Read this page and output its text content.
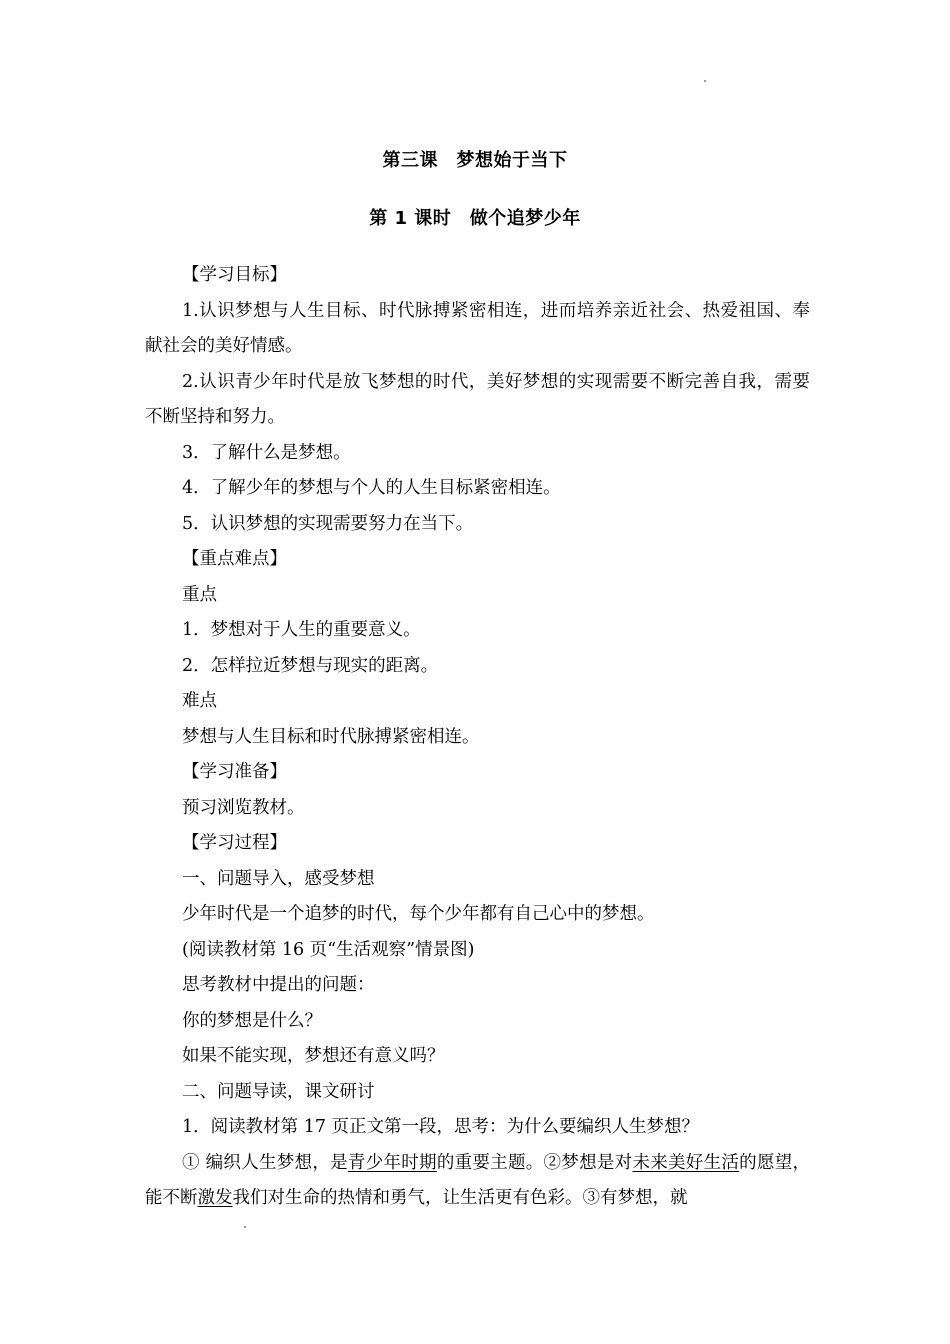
第三课　梦想始于当下
第 1 课时　做个追梦少年

【学习目标】

1.认识梦想与人生目标、时代脉搏紧密相连，进而培养亲近社会、热爱祖国、奉献社会的美好情感。

2.认识青少年时代是放飞梦想的时代，美好梦想的实现需要不断完善自我，需要不断坚持和努力。

3．了解什么是梦想。

4．了解少年的梦想与个人的人生目标紧密相连。

5．认识梦想的实现需要努力在当下。

【重点难点】

重点

1．梦想对于人生的重要意义。

2．怎样拉近梦想与现实的距离。

难点

梦想与人生目标和时代脉搏紧密相连。

【学习准备】

预习浏览教材。

【学习过程】

一、问题导入，感受梦想

少年时代是一个追梦的时代，每个少年都有自己心中的梦想。

(阅读教材第 16 页“生活观察”情景图)

思考教材中提出的问题：

你的梦想是什么？

如果不能实现，梦想还有意义吗？

二、问题导读，课文研讨

1．阅读教材第 17 页正文第一段，思考：为什么要编织人生梦想？

① 编织人生梦想，是青少年时期的重要主题。②梦想是对未来美好生活的愿望，能不断激发我们对生命的热情和勇气，让生活更有色彩。③有梦想，就
